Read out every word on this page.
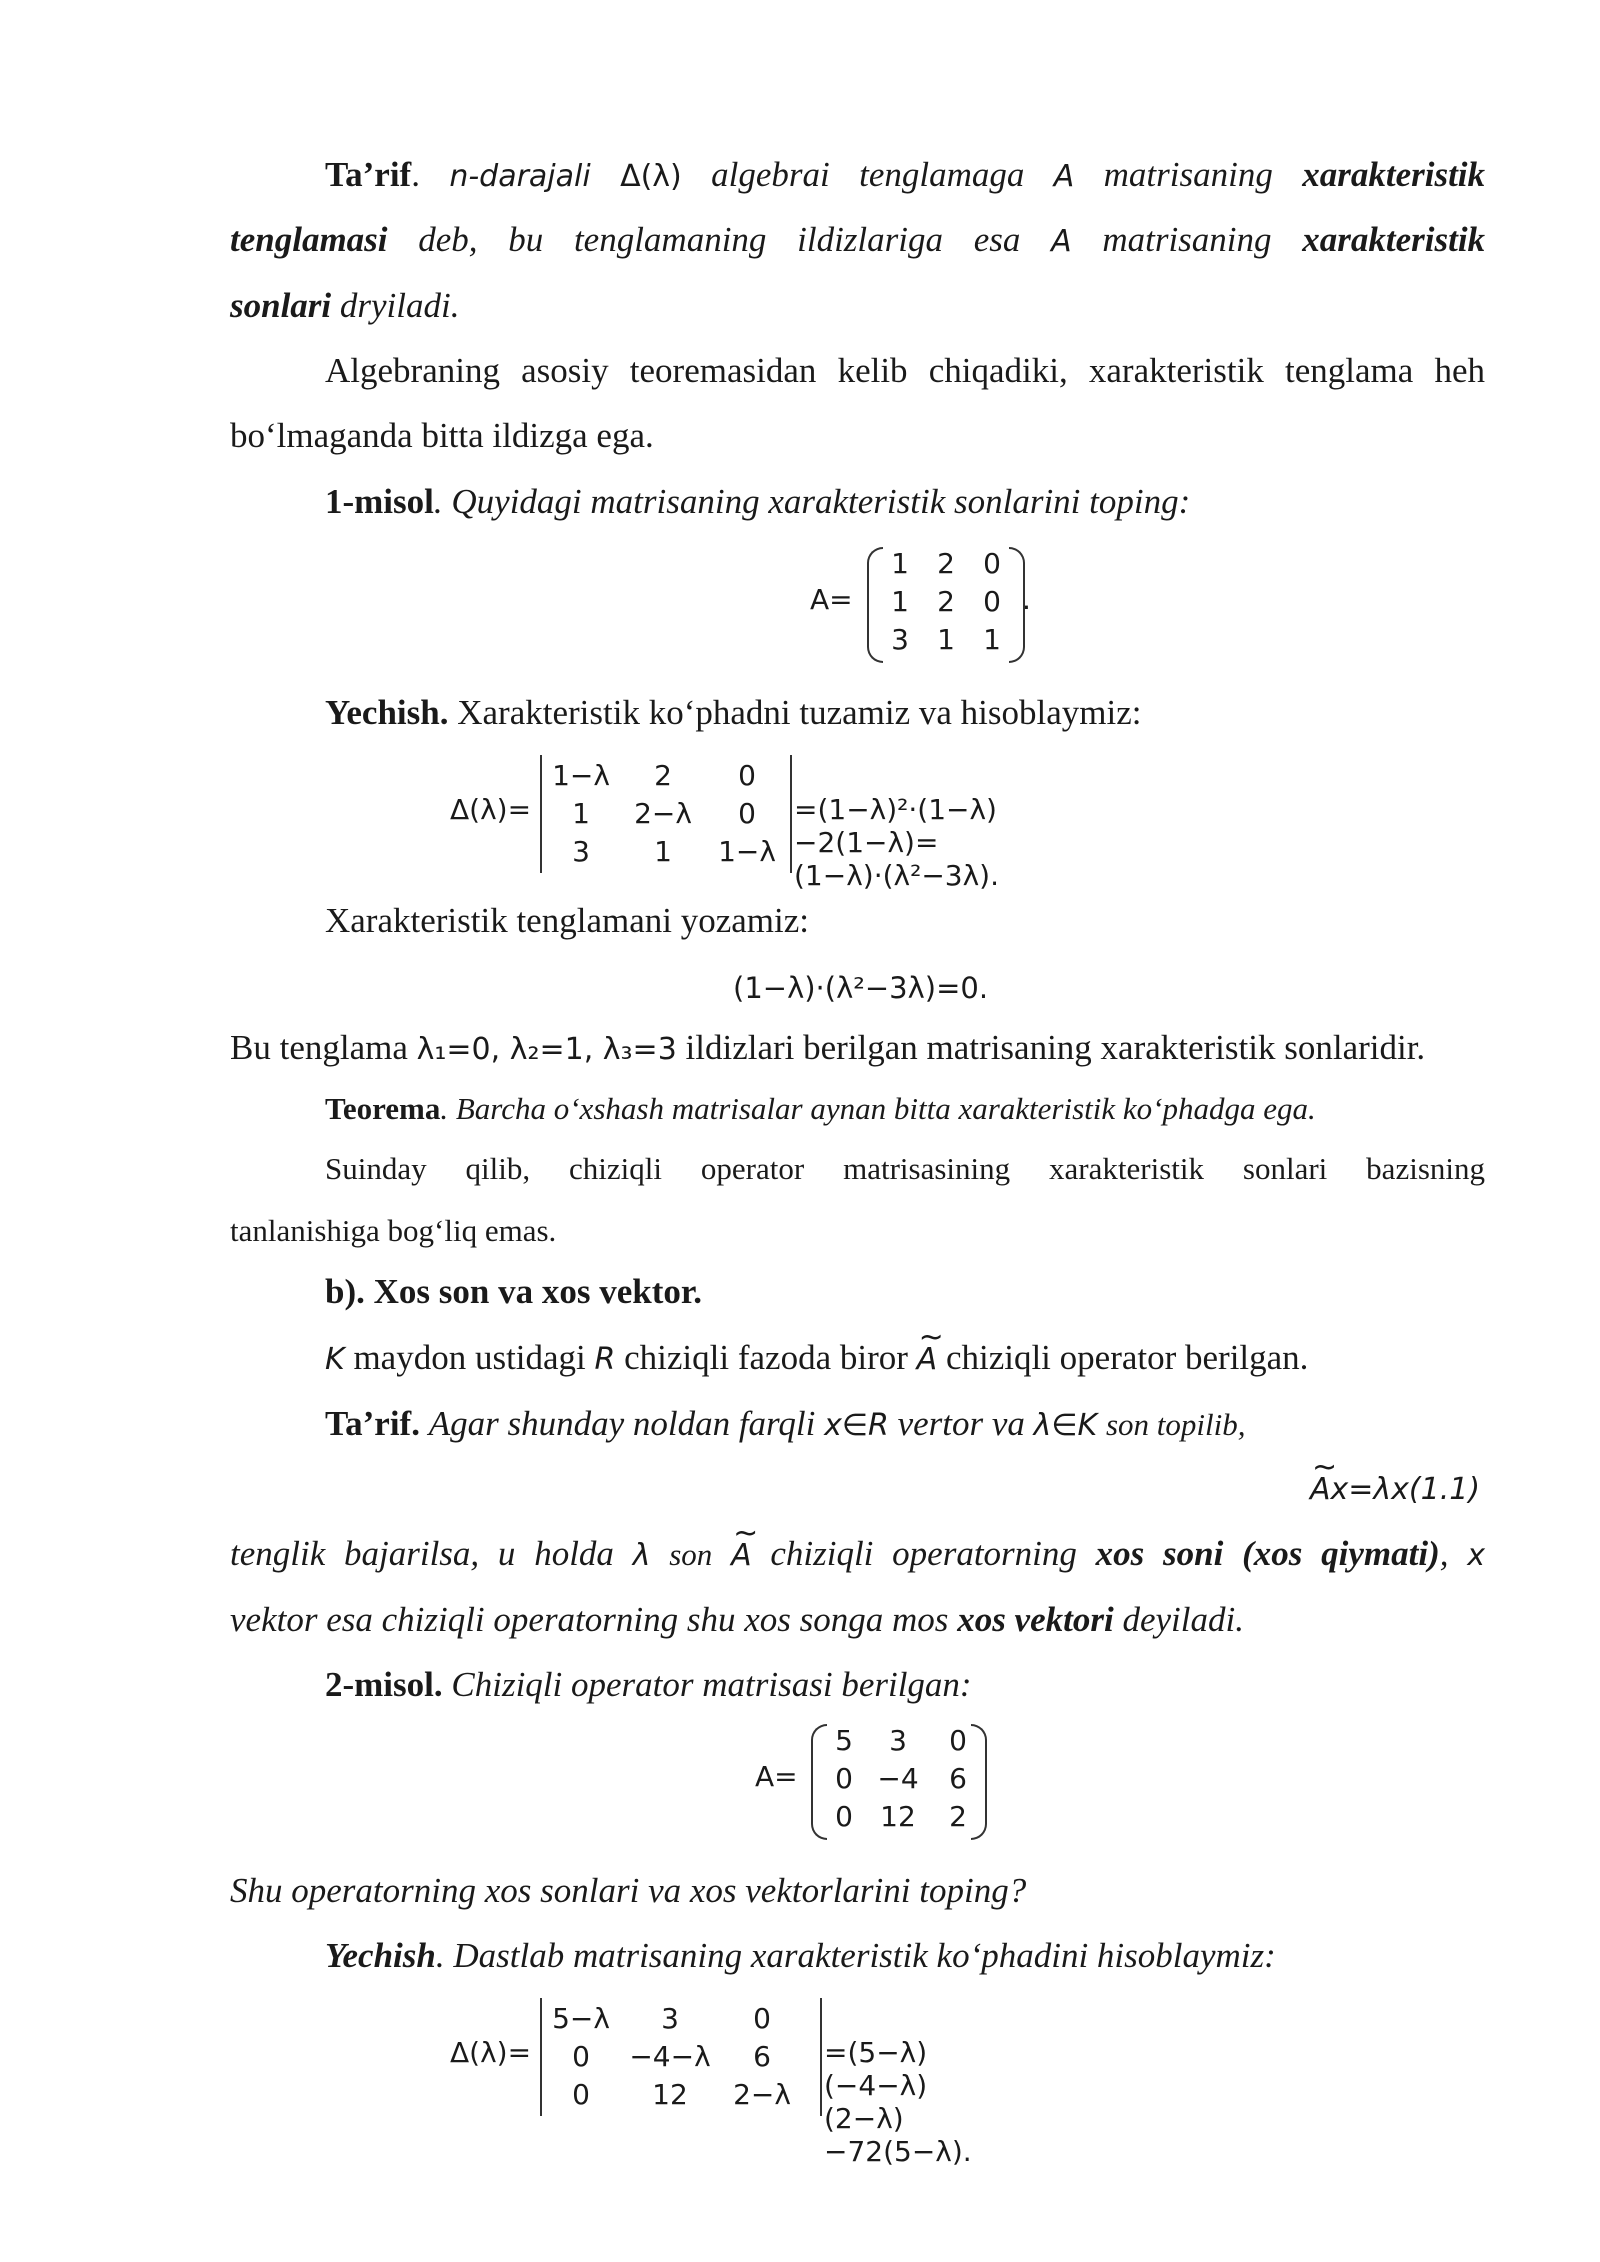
Ta’rif. n-darajali Δ(λ) algebrai tenglamaga A matrisaning xarakteristik
tenglamasi deb, bu tenglamaning ildizlariga esa A matrisaning xarakteristik
sonlari dryiladi.
Algebraning asosiy teoremasidan kelib chiqadiki, xarakteristik tenglama heh
bo‘lmaganda bitta ildizga ega.
1-misol. Quyidagi matrisaning xarakteristik sonlarini toping:
A=
1	2	0
1	2	0
3	1	1
.
Yechish. Xarakteristik ko‘phadni tuzamiz va hisoblaymiz:
Δ(λ)=
1−λ	2	0
1	2−λ	0
3	1	1−λ
=(1−λ)²·(1−λ)−2(1−λ)=(1−λ)·(λ²−3λ).
Xarakteristik tenglamani yozamiz:
(1−λ)·(λ²−3λ)=0.
Bu tenglama λ₁=0, λ₂=1, λ₃=3 ildizlari berilgan matrisaning xarakteristik sonlaridir.
Teorema. Barcha o‘xshash matrisalar aynan bitta xarakteristik ko‘phadga ega.
Suinday qilib, chiziqli operator matrisasining xarakteristik sonlari bazisning
tanlanishiga bog‘liq emas.
b). Xos son va xos vektor.
K maydon ustidagi R chiziqli fazoda biror ~ A chiziqli operator berilgan.
Ta’rif. Agar shunday noldan farqli x∈R vertor va λ∈K son topilib,
~ Ax=λx(1.1)
tenglik bajarilsa, u holda λ son ~ A chiziqli operatorning xos soni (xos qiymati), x
vektor esa chiziqli operatorning shu xos songa mos xos vektori deyiladi.
2-misol. Chiziqli operator matrisasi berilgan:
A=
5	3	0
0 −4	6
0 12	2
Shu operatorning xos sonlari va xos vektorlarini toping?
Yechish. Dastlab matrisaning xarakteristik ko‘phadini hisoblaymiz:
Δ(λ)=
5−λ	3	0
0	−4−λ	6
0	12	2−λ
=(5−λ)(−4−λ)(2−λ)−72(5−λ).
